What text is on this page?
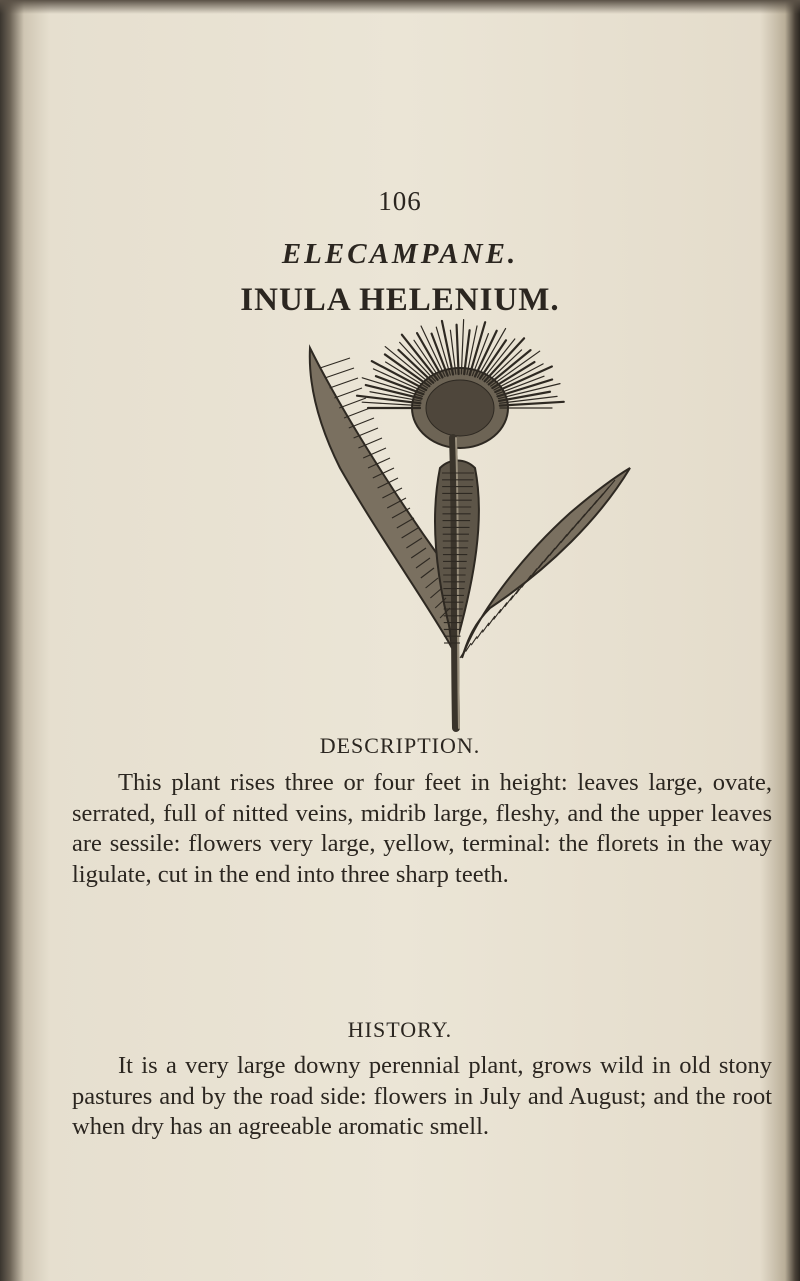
106
ELECAMPANE.
INULA HELENIUM.
DESCRIPTION.

This plant rises three or four feet in height: leaves large, ovate, serrated, full of nitted veins, midrib large, fleshy, and the upper leaves are sessile: flowers very large, yellow, terminal: the florets in the way ligulate, cut in the end into three sharp teeth.

HISTORY.

It is a very large downy perennial plant, grows wild in old stony pastures and by the road side: flowers in July and August; and the root when dry has an agreeable aromatic smell.
